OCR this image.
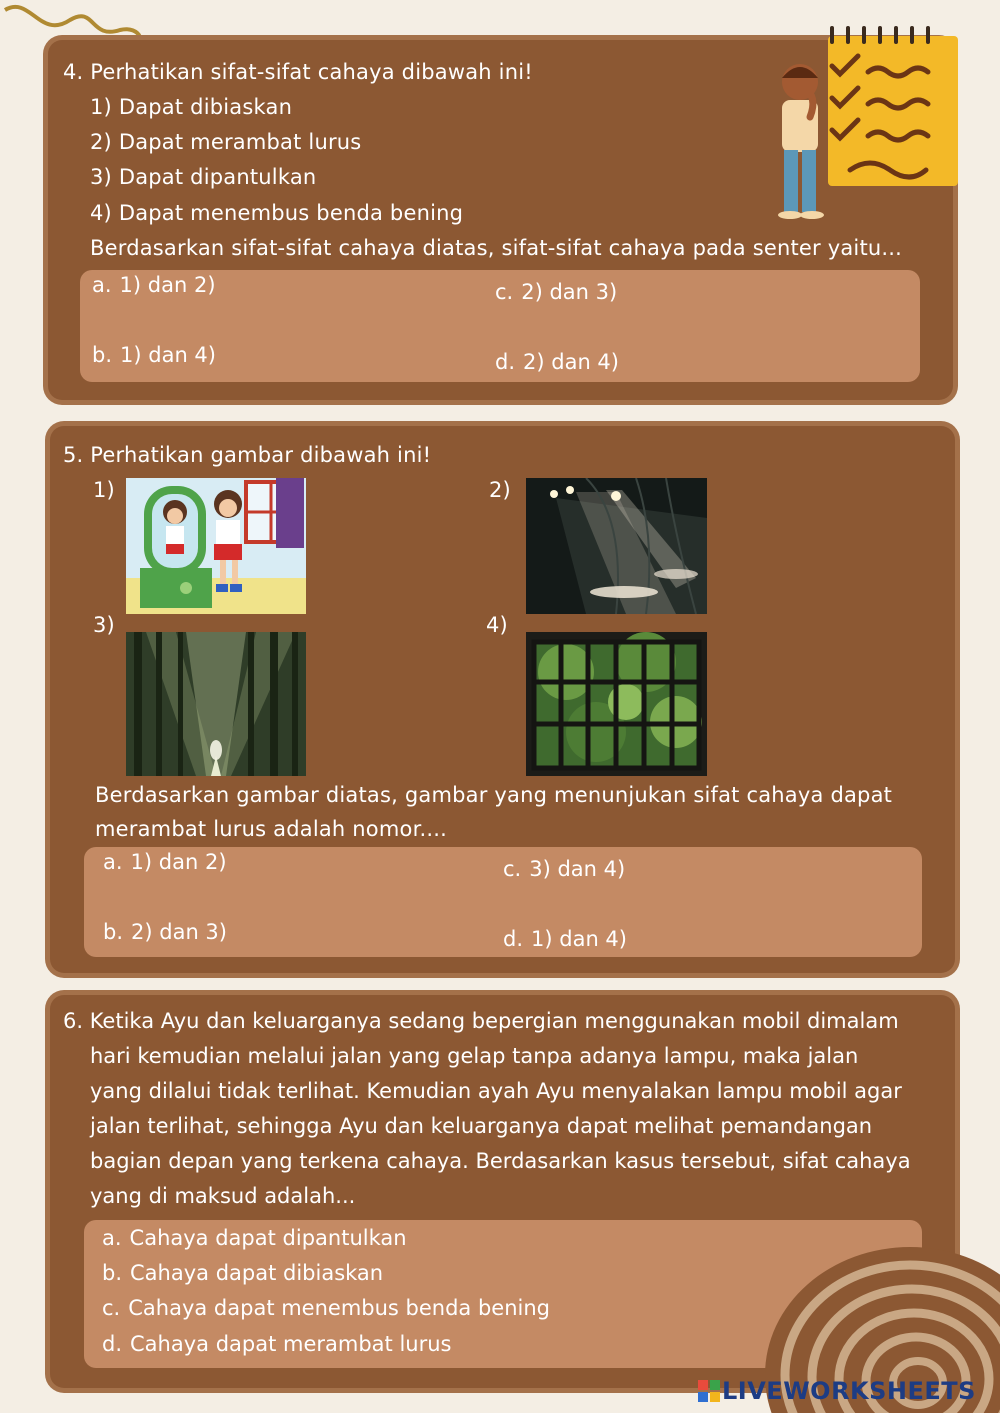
4. Perhatikan sifat-sifat cahaya dibawah ini!
1) Dapat dibiaskan
2) Dapat merambat lurus
3) Dapat dipantulkan
4) Dapat menembus benda bening
Berdasarkan sifat-sifat cahaya diatas, sifat-sifat cahaya pada senter yaitu...
a. 1) dan 2)	c. 2) dan 3)
b. 1) dan 4)	d. 2) dan 4)
5. Perhatikan gambar dibawah ini!
1)	2)
3)	4)
Berdasarkan gambar diatas, gambar yang menunjukan sifat cahaya dapat
merambat lurus adalah nomor....
a. 1) dan 2)	c. 3) dan 4)
b. 2) dan 3)	d. 1) dan 4)
6. Ketika Ayu dan keluarganya sedang bepergian menggunakan mobil dimalam
hari kemudian melalui jalan yang gelap tanpa adanya lampu, maka jalan
yang dilalui tidak terlihat. Kemudian ayah Ayu menyalakan lampu mobil agar
jalan terlihat, sehingga Ayu dan keluarganya dapat melihat pemandangan
bagian depan yang terkena cahaya. Berdasarkan kasus tersebut, sifat cahaya
yang di maksud adalah...
a. Cahaya dapat dipantulkan
b. Cahaya dapat dibiaskan
c. Cahaya dapat menembus benda bening
d. Cahaya dapat merambat lurus
LIVEWORKSHEETS
